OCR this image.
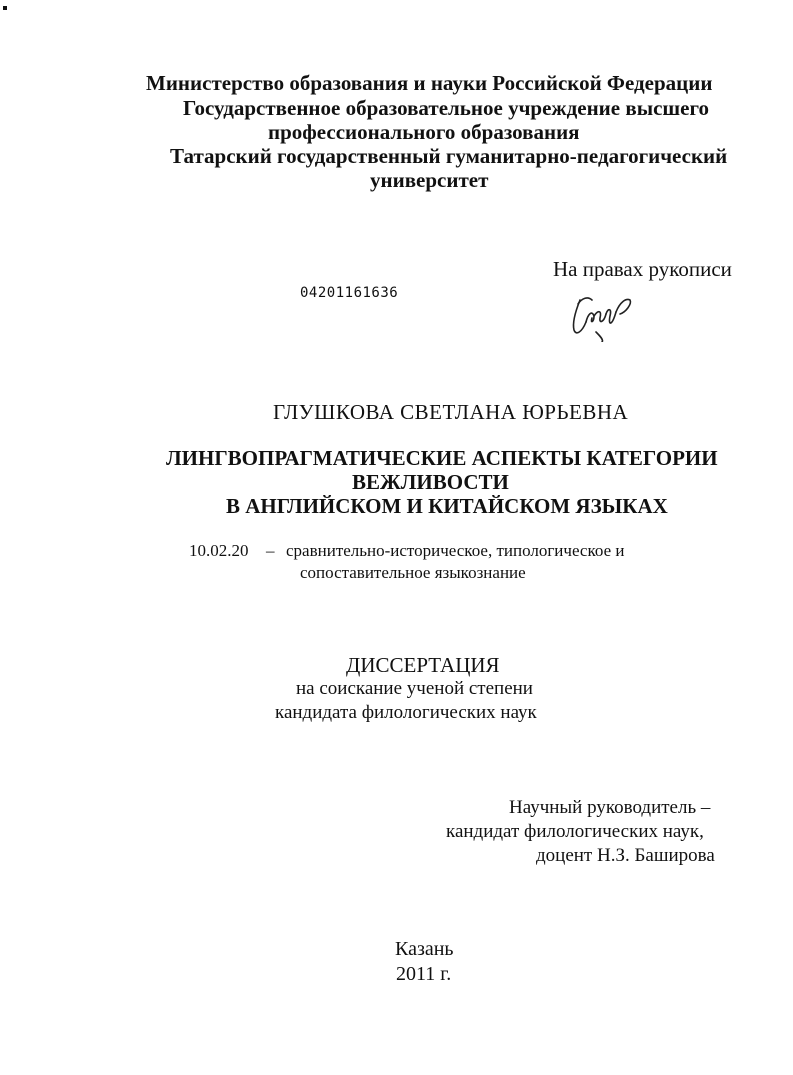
Министерство образования и науки Российской Федерации
Государственное образовательное учреждение высшего
профессионального образования
Татарский государственный гуманитарно-педагогический
университет
На правах рукописи
04201161636
ГЛУШКОВА СВЕТЛАНА ЮРЬЕВНА
ЛИНГВОПРАГМАТИЧЕСКИЕ АСПЕКТЫ КАТЕГОРИИ
ВЕЖЛИВОСТИ
В АНГЛИЙСКОМ И КИТАЙСКОМ ЯЗЫКАХ
10.02.20 – сравнительно-историческое, типологическое и
сопоставительное языкознание
ДИССЕРТАЦИЯ
на соискание ученой степени
кандидата филологических наук
Научный руководитель –
кандидат филологических наук,
доцент Н.З. Баширова
Казань
2011 г.
